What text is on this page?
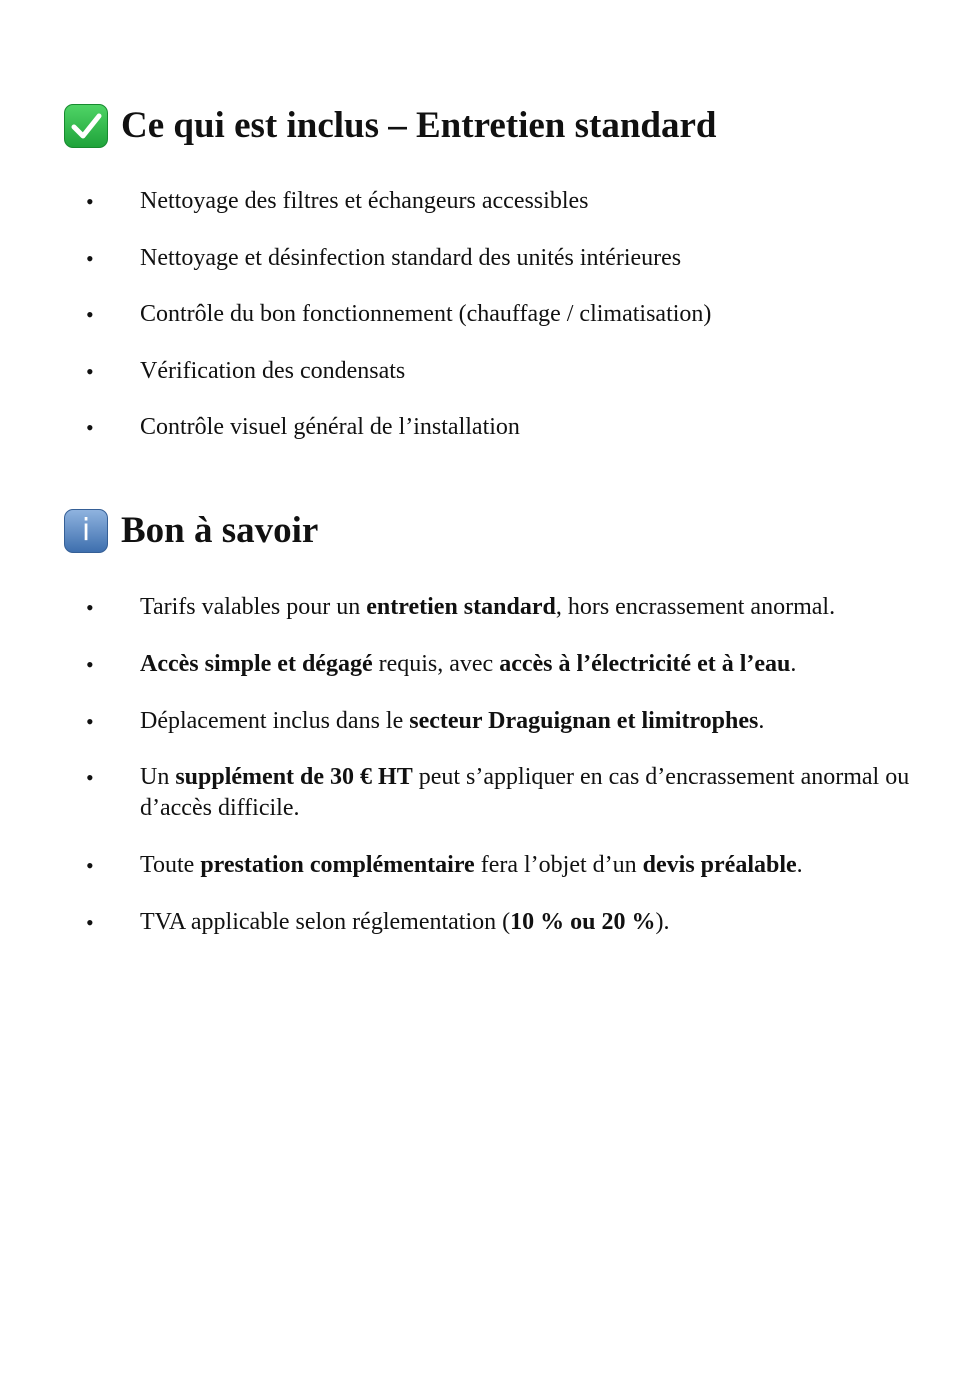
Ce qui est inclus – Entretien standard
• Nettoyage des filtres et échangeurs accessibles
• Nettoyage et désinfection standard des unités intérieures
• Contrôle du bon fonctionnement (chauffage / climatisation)
• Vérification des condensats
• Contrôle visuel général de l’installation
i Bon à savoir
• Tarifs valables pour un entretien standard, hors encrassement anormal.
• Accès simple et dégagé requis, avec accès à l’électricité et à l’eau.
• Déplacement inclus dans le secteur Draguignan et limitrophes.
• Un supplément de 30 € HT peut s’appliquer en cas d’encrassement anormal ou d’accès difficile.
• Toute prestation complémentaire fera l’objet d’un devis préalable.
• TVA applicable selon réglementation (10 % ou 20 %).
